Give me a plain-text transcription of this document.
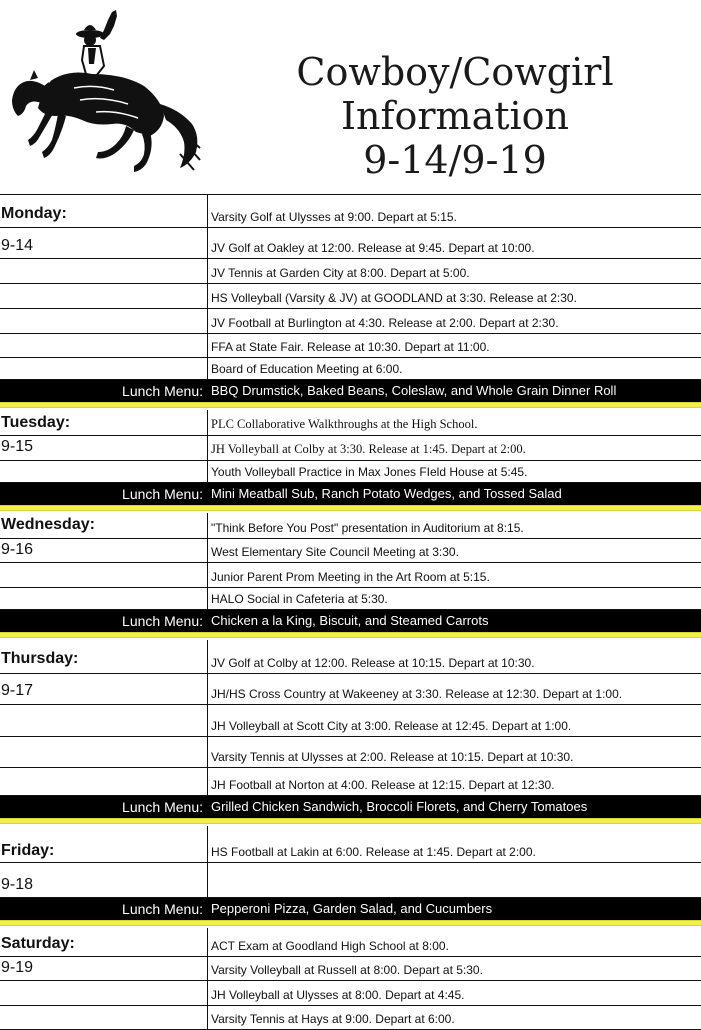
Cowboy/Cowgirl
Information
9-14/9-19
Varsity Golf at Ulysses at 9:00. Depart at 5:15.
JV Golf at Oakley at 12:00. Release at 9:45. Depart at 10:00.
JV Tennis at Garden City at 8:00. Depart at 5:00.
HS Volleyball (Varsity & JV) at GOODLAND at 3:30. Release at 2:30.
JV Football at Burlington at 4:30. Release at 2:00. Depart at 2:30.
FFA at State Fair. Release at 10:30. Depart at 11:00.
Board of Education Meeting at 6:00.
Monday:
9-14
Lunch Menu: BBQ Drumstick, Baked Beans, Coleslaw, and Whole Grain Dinner Roll
PLC Collaborative Walkthroughs at the High School.
JH Volleyball at Colby at 3:30. Release at 1:45. Depart at 2:00.
Youth Volleyball Practice in Max Jones FIeld House at 5:45.
Tuesday:
9-15
Lunch Menu: Mini Meatball Sub, Ranch Potato Wedges, and Tossed Salad
"Think Before You Post" presentation in Auditorium at 8:15.
West Elementary Site Council Meeting at 3:30.
Junior Parent Prom Meeting in the Art Room at 5:15.
HALO Social in Cafeteria at 5:30.
Wednesday:
9-16
Lunch Menu: Chicken a la King, Biscuit, and Steamed Carrots
JV Golf at Colby at 12:00. Release at 10:15. Depart at 10:30.
JH/HS Cross Country at Wakeeney at 3:30. Release at 12:30. Depart at 1:00.
JH Volleyball at Scott City at 3:00. Release at 12:45. Depart at 1:00.
Varsity Tennis at Ulysses at 2:00. Release at 10:15. Depart at 10:30.
JH Football at Norton at 4:00. Release at 12:15. Depart at 12:30.
Thursday:
9-17
Lunch Menu: Grilled Chicken Sandwich, Broccoli Florets, and Cherry Tomatoes
HS Football at Lakin at 6:00. Release at 1:45. Depart at 2:00.
Friday:
9-18
Lunch Menu: Pepperoni Pizza, Garden Salad, and Cucumbers
ACT Exam at Goodland High School at 8:00.
Varsity Volleyball at Russell at 8:00. Depart at 5:30.
JH Volleyball at Ulysses at 8:00. Depart at 4:45.
Varsity Tennis at Hays at 9:00. Depart at 6:00.
Saturday:
9-19
